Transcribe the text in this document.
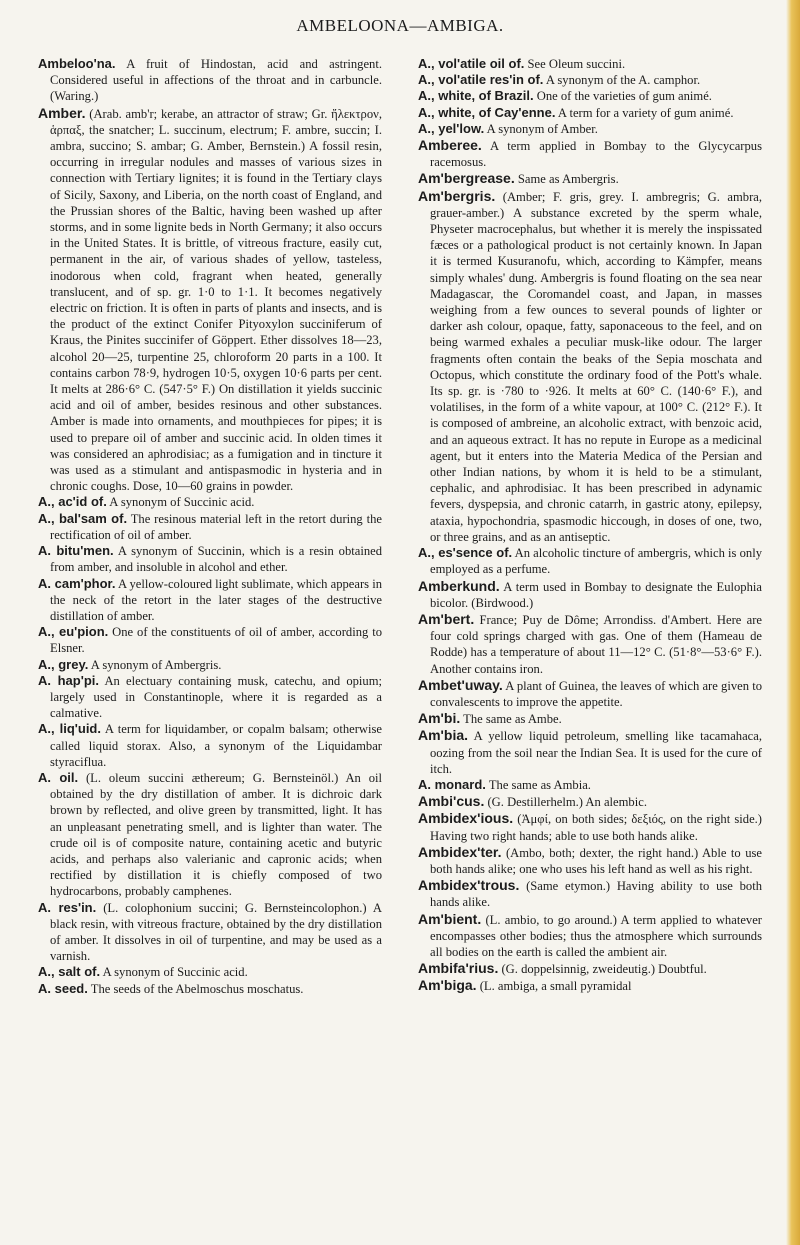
AMBELOONA—AMBIGA.

Ambeloo'na. A fruit of Hindostan, acid and astringent. Considered useful in affections of the throat and in carbuncle. (Waring.)

Amber. (Arab. amb'r; kerabe, an attractor of straw; Gr. ἤλεκτρον, ἁρπαξ, the snatcher; L. succinum, electrum; F. ambre, succin; I. ambra, succino; S. ambar; G. Amber, Bernstein.) A fossil resin, occurring in irregular nodules and masses of various sizes in connection with Tertiary lignites; it is found in the Tertiary clays of Sicily, Saxony, and Liberia, on the north coast of England, and the Prussian shores of the Baltic, having been washed up after storms, and in some lignite beds in North Germany; it also occurs in the United States. It is brittle, of vitreous fracture, easily cut, permanent in the air, of various shades of yellow, tasteless, inodorous when cold, fragrant when heated, generally translucent, and of sp. gr. 1·0 to 1·1. It becomes negatively electric on friction. It is often in parts of plants and insects, and is the product of the extinct Conifer Pityoxylon succiniferum of Kraus, the Pinites succinifer of Göppert. Ether dissolves 18—23, alcohol 20—25, turpentine 25, chloroform 20 parts in a 100. It contains carbon 78·9, hydrogen 10·5, oxygen 10·6 parts per cent. It melts at 286·6° C. (547·5° F.) On distillation it yields succinic acid and oil of amber, besides resinous and other substances. Amber is made into ornaments, and mouthpieces for pipes; it is used to prepare oil of amber and succinic acid. In olden times it was considered an aphrodisiac; as a fumigation and in tincture it was used as a stimulant and antispasmodic in hysteria and in chronic coughs. Dose, 10—60 grains in powder.

A., ac'id of. A synonym of Succinic acid.

A., bal'sam of. The resinous material left in the retort during the rectification of oil of amber.

A. bitu'men. A synonym of Succinin, which is a resin obtained from amber, and insoluble in alcohol and ether.

A. cam'phor. A yellow-coloured light sublimate, which appears in the neck of the retort in the later stages of the destructive distillation of amber.

A., eu'pion. One of the constituents of oil of amber, according to Elsner.

A., grey. A synonym of Ambergris.

A. hap'pi. An electuary containing musk, catechu, and opium; largely used in Constantinople, where it is regarded as a calmative.

A., liq'uid. A term for liquidamber, or copalm balsam; otherwise called liquid storax. Also, a synonym of the Liquidambar styraciflua.

A. oil. (L. oleum succini æthereum; G. Bernsteinöl.) An oil obtained by the dry distillation of amber. It is dichroic dark brown by reflected, and olive green by transmitted, light. It has an unpleasant penetrating smell, and is lighter than water. The crude oil is of composite nature, containing acetic and butyric acids, and perhaps also valerianic and capronic acids; when rectified by distillation it is chiefly composed of two hydrocarbons, probably camphenes.

A. res'in. (L. colophonium succini; G. Bernsteincolophon.) A black resin, with vitreous fracture, obtained by the dry distillation of amber. It dissolves in oil of turpentine, and may be used as a varnish.

A., salt of. A synonym of Succinic acid.

A. seed. The seeds of the Abelmoschus moschatus.

A., vol'atile oil of. See Oleum succini.

A., vol'atile res'in of. A synonym of the A. camphor.

A., white, of Brazil. One of the varieties of gum animé.

A., white, of Cay'enne. A term for a variety of gum animé.

A., yel'low. A synonym of Amber.

Amberee. A term applied in Bombay to the Glycycarpus racemosus.

Am'bergrease. Same as Ambergris.

Am'bergris. (Amber; F. gris, grey. I. ambregris; G. ambra, grauer-amber.) A substance excreted by the sperm whale, Physeter macrocephalus, but whether it is merely the inspissated fæces or a pathological product is not certainly known. In Japan it is termed Kusuranofu, which, according to Kämpfer, means simply whales' dung. Ambergris is found floating on the sea near Madagascar, the Coromandel coast, and Japan, in masses weighing from a few ounces to several pounds of lighter or darker ash colour, opaque, fatty, saponaceous to the feel, and on being warmed exhales a peculiar musk-like odour. The larger fragments often contain the beaks of the Sepia moschata and Octopus, which constitute the ordinary food of the Pott's whale. Its sp. gr. is ·780 to ·926. It melts at 60° C. (140·6° F.), and volatilises, in the form of a white vapour, at 100° C. (212° F.). It is composed of ambreine, an alcoholic extract, with benzoic acid, and an aqueous extract. It has no repute in Europe as a medicinal agent, but it enters into the Materia Medica of the Persian and other Indian nations, by whom it is held to be a stimulant, cephalic, and aphrodisiac. It has been prescribed in adynamic fevers, dyspepsia, and chronic catarrh, in gastric atony, epilepsy, ataxia, hypochondria, spasmodic hiccough, in doses of one, two, or three grains, and as an antiseptic.

A., es'sence of. An alcoholic tincture of ambergris, which is only employed as a perfume.

Amberkund. A term used in Bombay to designate the Eulophia bicolor. (Birdwood.)

Am'bert. France; Puy de Dôme; Arrondiss. d'Ambert. Here are four cold springs charged with gas. One of them (Hameau de Rodde) has a temperature of about 11—12° C. (51·8°—53·6° F.). Another contains iron.

Ambet'uway. A plant of Guinea, the leaves of which are given to convalescents to improve the appetite.

Am'bi. The same as Ambe.

Am'bia. A yellow liquid petroleum, smelling like tacamahaca, oozing from the soil near the Indian Sea. It is used for the cure of itch.

A. monard. The same as Ambia.

Ambi'cus. (G. Destillerhelm.) An alembic.

Ambidex'ious. (Ἀμφί, on both sides; δεξιός, on the right side.) Having two right hands; able to use both hands alike.

Ambidex'ter. (Ambo, both; dexter, the right hand.) Able to use both hands alike; one who uses his left hand as well as his right.

Ambidex'trous. (Same etymon.) Having ability to use both hands alike.

Am'bient. (L. ambio, to go around.) A term applied to whatever encompasses other bodies; thus the atmosphere which surrounds all bodies on the earth is called the ambient air.

Ambifa'rius. (G. doppelsinnig, zweideutig.) Doubtful.

Am'biga. (L. ambiga, a small pyramidal
